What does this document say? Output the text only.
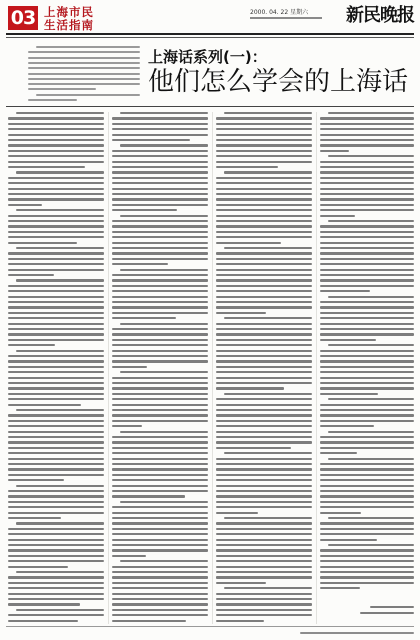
03 上海市民
生活指南
2000. 04. 22 星期六 新民晚报
上海话系列(一)：
他们怎么学会的上海话
